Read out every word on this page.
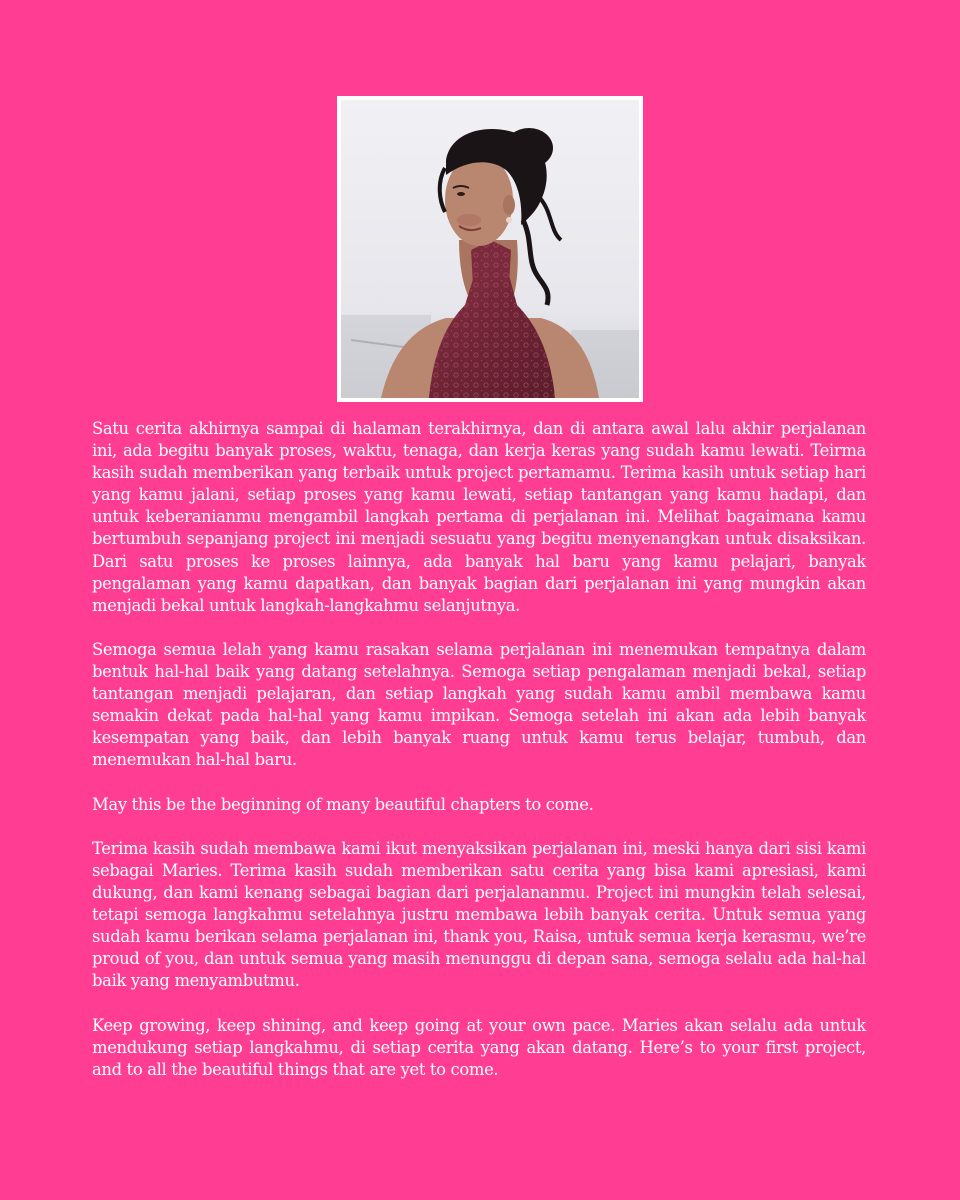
Satu cerita akhirnya sampai di halaman terakhirnya, dan di antara awal lalu akhir perjalanan ini, ada begitu banyak proses, waktu, tenaga, dan kerja keras yang sudah kamu lewati. Teirma kasih sudah memberikan yang terbaik untuk project pertamamu. Terima kasih untuk setiap hari yang kamu jalani, setiap proses yang kamu lewati, setiap tantangan yang kamu hadapi, dan untuk keberanianmu mengambil langkah pertama di perjalanan ini. Melihat bagaimana kamu bertumbuh sepanjang project ini menjadi sesuatu yang begitu menyenangkan untuk disaksikan. Dari satu proses ke proses lainnya, ada banyak hal baru yang kamu pelajari, banyak pengalaman yang kamu dapatkan, dan banyak bagian dari perjalanan ini yang mungkin akan menjadi bekal untuk langkah-langkahmu selanjutnya.

Semoga semua lelah yang kamu rasakan selama perjalanan ini menemukan tempatnya dalam bentuk hal-hal baik yang datang setelahnya. Semoga setiap pengalaman menjadi bekal, setiap tantangan menjadi pelajaran, dan setiap langkah yang sudah kamu ambil membawa kamu semakin dekat pada hal-hal yang kamu impikan. Semoga setelah ini akan ada lebih banyak kesempatan yang baik, dan lebih banyak ruang untuk kamu terus belajar, tumbuh, dan menemukan hal-hal baru.

May this be the beginning of many beautiful chapters to come.

Terima kasih sudah membawa kami ikut menyaksikan perjalanan ini, meski hanya dari sisi kami sebagai Maries. Terima kasih sudah memberikan satu cerita yang bisa kami apresiasi, kami dukung, dan kami kenang sebagai bagian dari perjalananmu. Project ini mungkin telah selesai, tetapi semoga langkahmu setelahnya justru membawa lebih banyak cerita. Untuk semua yang sudah kamu berikan selama perjalanan ini, thank you, Raisa, untuk semua kerja kerasmu, we’re proud of you, dan untuk semua yang masih menunggu di depan sana, semoga selalu ada hal-hal baik yang menyambutmu.

Keep growing, keep shining, and keep going at your own pace. Maries akan selalu ada untuk mendukung setiap langkahmu, di setiap cerita yang akan datang. Here’s to your first project, and to all the beautiful things that are yet to come.
